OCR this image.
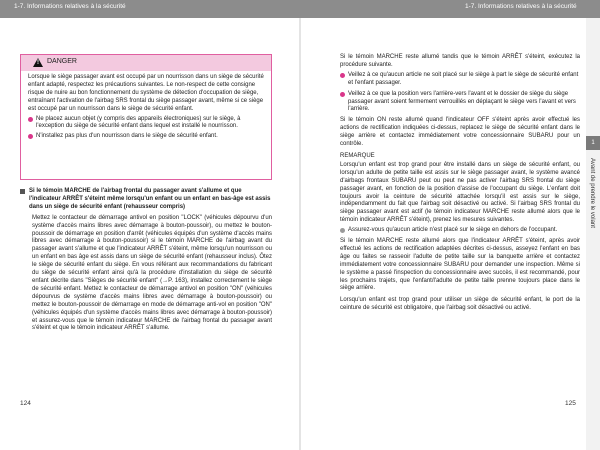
1-7. Informations relatives à la sécurité	1-7. Informations relatives à la sécurité
1
Avant de prendre le volant
! DANGER

Lorsque le siège passager avant est occupé par un nourrisson dans un siège de sécurité enfant adapté, respectez les précautions suivantes. Le non-respect de cette consigne risque de nuire au bon fonctionnement du système de détection d'occupation de siège, entraînant l'activation de l'airbag SRS frontal du siège passager avant, même si ce siège est occupé par un nourrisson dans le siège de sécurité enfant.

Ne placez aucun objet (y compris des appareils électroniques) sur le siège, à l'exception du siège de sécurité enfant dans lequel est installé le nourrisson.
N'installez pas plus d'un nourrisson dans le siège de sécurité enfant.
Si le témoin MARCHE de l'airbag frontal du passager avant s'allume et que l'indicateur ARRÊT s'éteint même lorsqu'un enfant ou un enfant en bas-âge est assis dans un siège de sécurité enfant (rehausseur compris)

Mettez le contacteur de démarrage antivol en position "LOCK" (véhicules dépourvu d'un système d'accès mains libres avec démarrage à bouton-poussoir), ou mettez le bouton-poussoir de démarrage en position d'arrêt (véhicules équipés d'un système d'accès mains libres avec démarrage à bouton-poussoir) si le témoin MARCHE de l'airbag avant du passager avant s'allume et que l'indicateur ARRÊT s'éteint, même lorsqu'un nourrisson ou un enfant en bas âge est assis dans un siège de sécurité enfant (rehausseur inclus). Ôtez le siège de sécurité enfant du siège. En vous référant aux recommandations du fabricant du siège de sécurité enfant ainsi qu'à la procédure d'installation du siège de sécurité enfant décrite dans "Sièges de sécurité enfant" (→P. 163), installez correctement le siège de sécurité enfant. Mettez le contacteur de démarrage antivol en position "ON" (véhicules dépourvus de système d'accès mains libres avec démarrage à bouton-poussoir) ou mettez le bouton-poussoir de démarrage en mode de démarrage anti-vol en position "ON" (véhicules équipés d'un système d'accès mains libres avec démarrage à bouton-poussoir) et assurez-vous que le témoin indicateur MARCHE de l'airbag frontal du passager avant s'éteint et que le témoin indicateur ARRÊT s'allume.

124

Si le témoin MARCHE reste allumé tandis que le témoin ARRÊT s'éteint, exécutez la procédure suivante.

Veillez à ce qu'aucun article ne soit placé sur le siège à part le siège de sécurité enfant et l'enfant passager.
Veillez à ce que la position vers l'arrière-vers l'avant et le dossier de siège du siège passager avant soient fermement verrouillés en déplaçant le siège vers l'avant et vers l'arrière.

Si le témoin ON reste allumé quand l'indicateur OFF s'éteint après avoir effectué les actions de rectification indiquées ci-dessus, replacez le siège de sécurité enfant dans le siège arrière et contactez immédiatement votre concessionnaire SUBARU pour un contrôle.

REMARQUE

Lorsqu'un enfant est trop grand pour être installé dans un siège de sécurité enfant, ou lorsqu'un adulte de petite taille est assis sur le siège passager avant, le système avancé d'airbags frontaux SUBARU peut ou peut ne pas activer l'airbag SRS frontal du siège passager avant, en fonction de la position d'assise de l'occupant du siège. L'enfant doit toujours avoir la ceinture de sécurité attachée lorsqu'il est assis sur le siège, indépendamment du fait que l'airbag soit désactivé ou activé. Si l'airbag SRS frontal du siège passager avant est actif (le témoin indicateur MARCHE reste allumé alors que le témoin indicateur ARRÊT s'éteint), prenez les mesures suivantes.

Assurez-vous qu'aucun article n'est placé sur le siège en dehors de l'occupant.

Si le témoin MARCHE reste allumé alors que l'indicateur ARRÊT s'éteint, après avoir effectué les actions de rectification adaptées décrites ci-dessus, asseyez l'enfant en bas âge ou faites se rasseoir l'adulte de petite taille sur la banquette arrière et contactez immédiatement votre concessionnaire SUBARU pour demander une inspection. Même si le système a passé l'inspection du concessionnaire avec succès, il est recommandé, pour les prochains trajets, que l'enfant/l'adulte de petite taille prenne toujours place dans le siège arrière.

Lorsqu'un enfant est trop grand pour utiliser un siège de sécurité enfant, le port de la ceinture de sécurité est obligatoire, que l'airbag soit désactivé ou activé.

125
